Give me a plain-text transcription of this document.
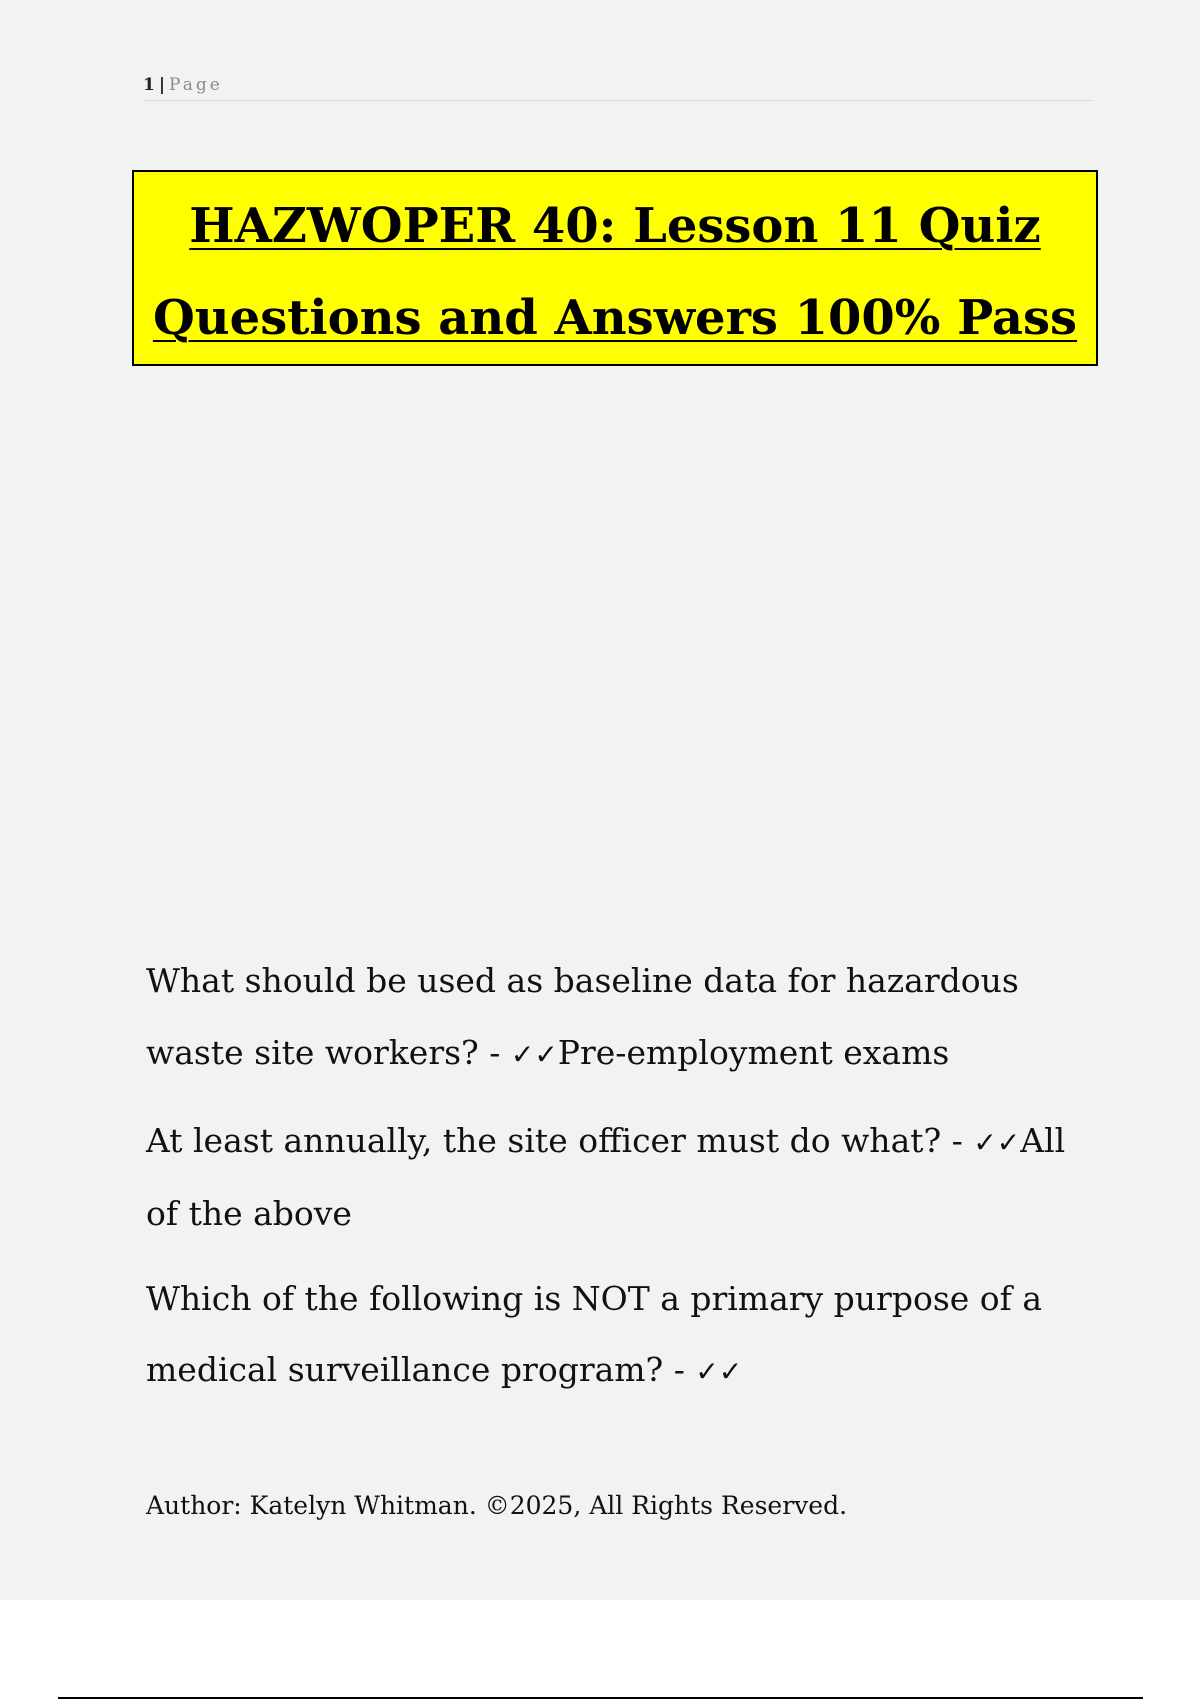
1 | Page
HAZWOPER 40: Lesson 11 Quiz
Questions and Answers 100% Pass

What should be used as baseline data for hazardous waste site workers? - ✓✓Pre-employment exams

At least annually, the site officer must do what? - ✓✓All of the above

Which of the following is NOT a primary purpose of a medical surveillance program? - ✓✓

Author: Katelyn Whitman. ©2025, All Rights Reserved.
